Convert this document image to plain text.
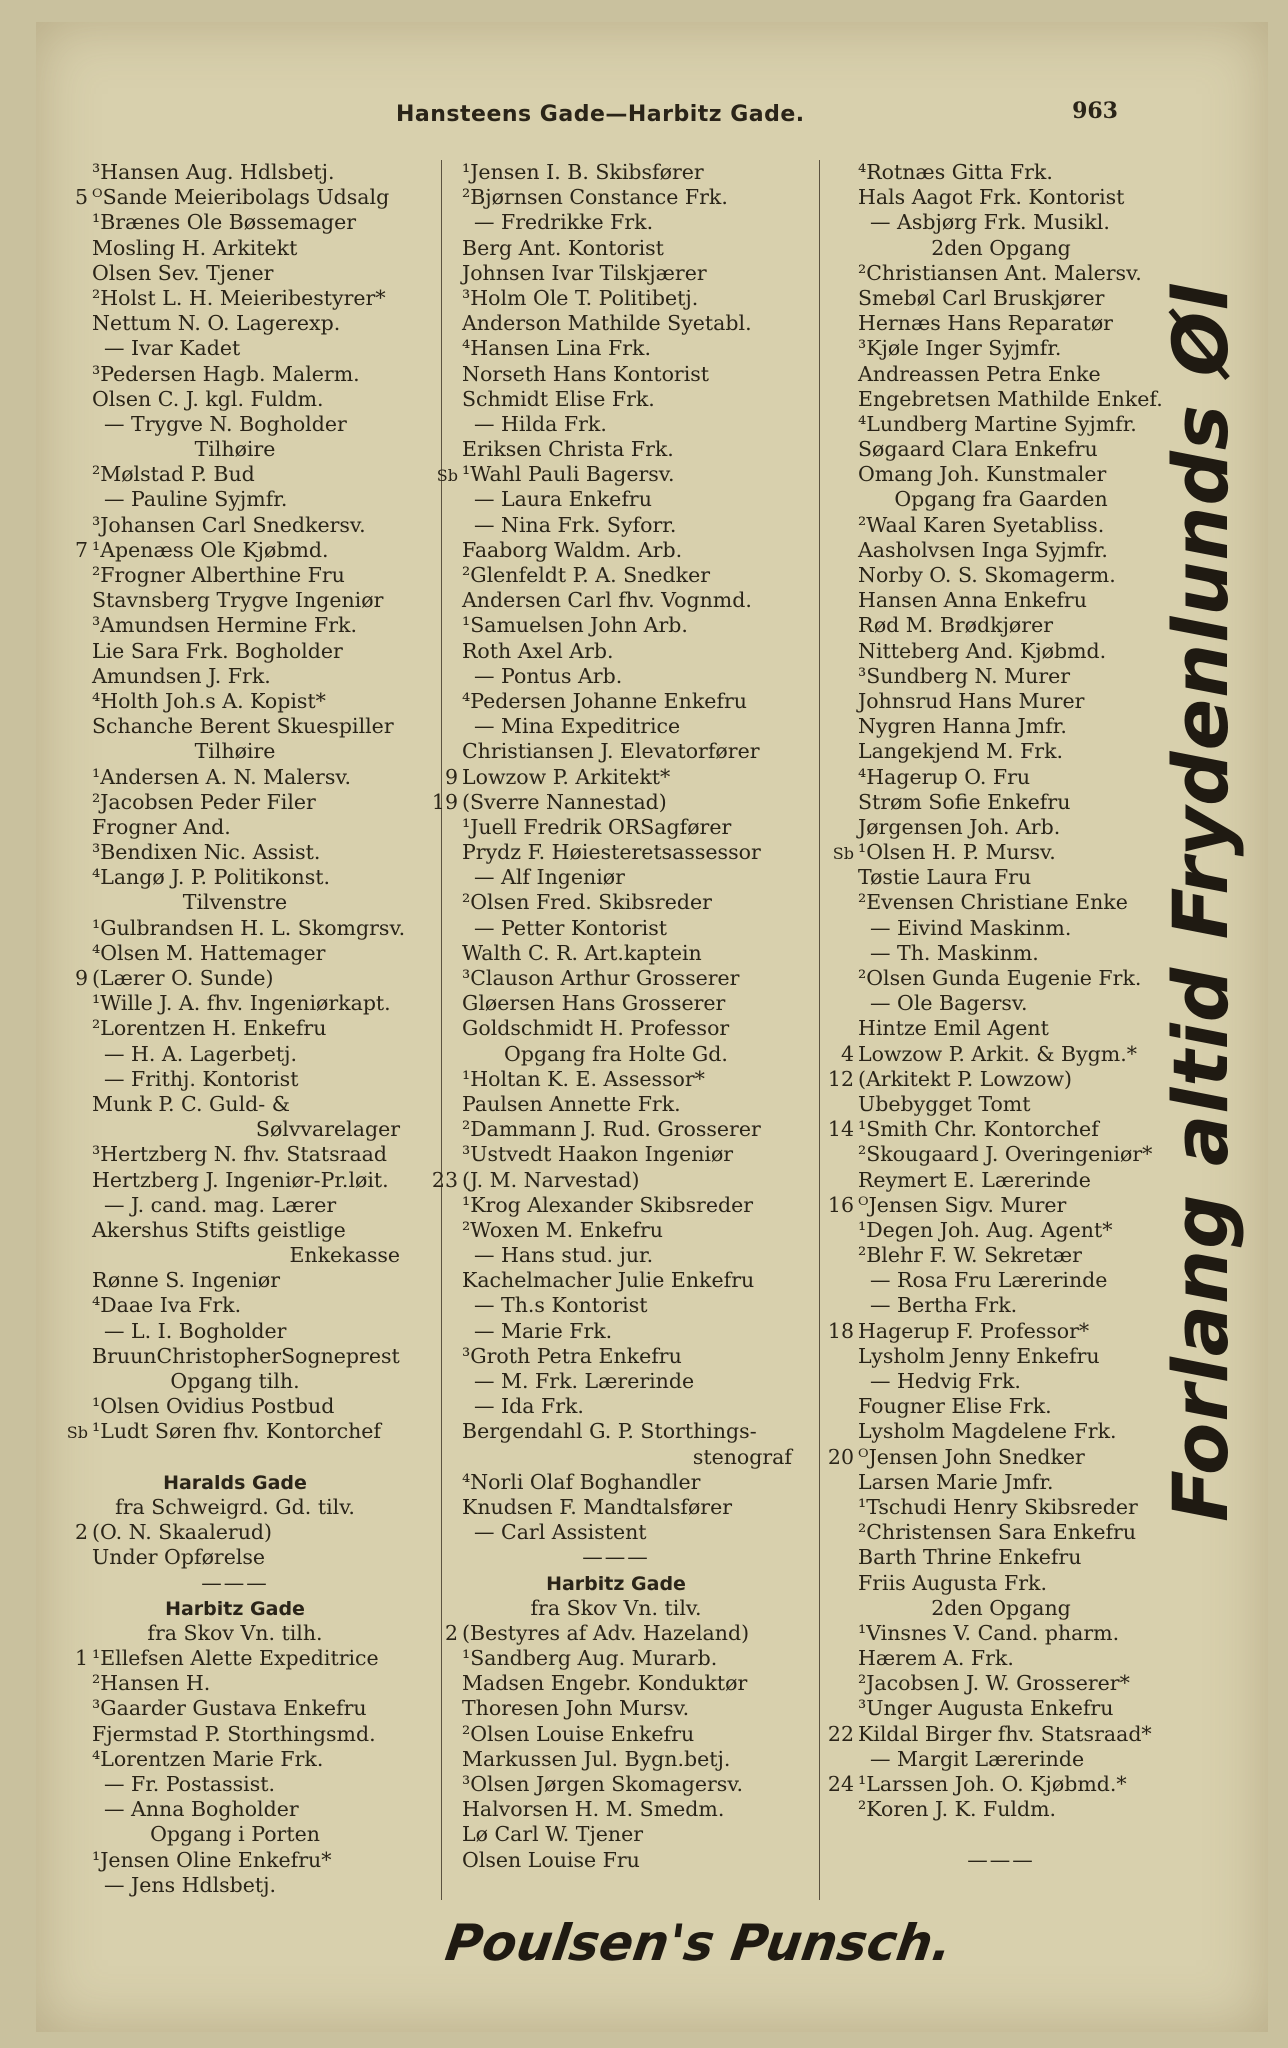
Hansteens Gade—Harbitz Gade.	963
³Hansen Aug. Hdlsbetj.
5 ᴼSande Meieribolags Udsalg
¹Brænes Ole Bøssemager
Mosling H. Arkitekt
Olsen Sev. Tjener
²Holst L. H. Meieribestyrer*
Nettum N. O. Lagerexp.
— Ivar Kadet
³Pedersen Hagb. Malerm.
Olsen C. J. kgl. Fuldm.
— Trygve N. Bogholder
Tilhøire
²Mølstad P. Bud
— Pauline Syjmfr.
³Johansen Carl Snedkersv.
7 ¹Apenæss Ole Kjøbmd.
²Frogner Alberthine Fru
Stavnsberg Trygve Ingeniør
³Amundsen Hermine Frk.
Lie Sara Frk. Bogholder
Amundsen J. Frk.
⁴Holth Joh.s A. Kopist*
Schanche Berent Skuespiller
Tilhøire
¹Andersen A. N. Malersv.
²Jacobsen Peder Filer
Frogner And.
³Bendixen Nic. Assist.
⁴Langø J. P. Politikonst.
Tilvenstre
¹Gulbrandsen H. L. Skomgrsv.
⁴Olsen M. Hattemager
9 (Lærer O. Sunde)
¹Wille J. A. fhv. Ingeniørkapt.
²Lorentzen H. Enkefru
— H. A. Lagerbetj.
— Frithj. Kontorist
Munk P. C. Guld- &
Sølvvarelager
³Hertzberg N. fhv. Statsraad
Hertzberg J. Ingeniør-Pr.løit.
— J. cand. mag. Lærer
Akershus Stifts geistlige
Enkekasse
Rønne S. Ingeniør
⁴Daae Iva Frk.
— L. I. Bogholder
BruunChristopherSogneprest
Opgang tilh.
¹Olsen Ovidius Postbud
Sb ¹Ludt Søren fhv. Kontorchef
Haralds Gade
fra Schweigrd. Gd. tilv.
2 (O. N. Skaalerud)
Under Opførelse
———
Harbitz Gade
fra Skov Vn. tilh.
1 ¹Ellefsen Alette Expeditrice
²Hansen H.
³Gaarder Gustava Enkefru
Fjermstad P. Storthingsmd.
⁴Lorentzen Marie Frk.
— Fr. Postassist.
— Anna Bogholder
Opgang i Porten
¹Jensen Oline Enkefru*
— Jens Hdlsbetj.
¹Jensen I. B. Skibsfører
²Bjørnsen Constance Frk.
— Fredrikke Frk.
Berg Ant. Kontorist
Johnsen Ivar Tilskjærer
³Holm Ole T. Politibetj.
Anderson Mathilde Syetabl.
⁴Hansen Lina Frk.
Norseth Hans Kontorist
Schmidt Elise Frk.
— Hilda Frk.
Eriksen Christa Frk.
Sb ¹Wahl Pauli Bagersv.
— Laura Enkefru
— Nina Frk. Syforr.
Faaborg Waldm. Arb.
²Glenfeldt P. A. Snedker
Andersen Carl fhv. Vognmd.
¹Samuelsen John Arb.
Roth Axel Arb.
— Pontus Arb.
⁴Pedersen Johanne Enkefru
— Mina Expeditrice
Christiansen J. Elevatorfører
9 Lowzow P. Arkitekt*
19 (Sverre Nannestad)
¹Juell Fredrik ORSagfører
Prydz F. Høiesteretsassessor
— Alf Ingeniør
²Olsen Fred. Skibsreder
— Petter Kontorist
Walth C. R. Art.kaptein
³Clauson Arthur Grosserer
Gløersen Hans Grosserer
Goldschmidt H. Professor
Opgang fra Holte Gd.
¹Holtan K. E. Assessor*
Paulsen Annette Frk.
²Dammann J. Rud. Grosserer
³Ustvedt Haakon Ingeniør
23 (J. M. Narvestad)
¹Krog Alexander Skibsreder
²Woxen M. Enkefru
— Hans stud. jur.
Kachelmacher Julie Enkefru
— Th.s Kontorist
— Marie Frk.
³Groth Petra Enkefru
— M. Frk. Lærerinde
— Ida Frk.
Bergendahl G. P. Storthings-
stenograf
⁴Norli Olaf Boghandler
Knudsen F. Mandtalsfører
— Carl Assistent
———
Harbitz Gade
fra Skov Vn. tilv.
2 (Bestyres af Adv. Hazeland)
¹Sandberg Aug. Murarb.
Madsen Engebr. Konduktør
Thoresen John Mursv.
²Olsen Louise Enkefru
Markussen Jul. Bygn.betj.
³Olsen Jørgen Skomagersv.
Halvorsen H. M. Smedm.
Lø Carl W. Tjener
Olsen Louise Fru
⁴Rotnæs Gitta Frk.
Hals Aagot Frk. Kontorist
— Asbjørg Frk. Musikl.
2den Opgang
²Christiansen Ant. Malersv.
Smebøl Carl Bruskjører
Hernæs Hans Reparatør
³Kjøle Inger Syjmfr.
Andreassen Petra Enke
Engebretsen Mathilde Enkef.
⁴Lundberg Martine Syjmfr.
Søgaard Clara Enkefru
Omang Joh. Kunstmaler
Opgang fra Gaarden
²Waal Karen Syetabliss.
Aasholvsen Inga Syjmfr.
Norby O. S. Skomagerm.
Hansen Anna Enkefru
Rød M. Brødkjører
Nitteberg And. Kjøbmd.
³Sundberg N. Murer
Johnsrud Hans Murer
Nygren Hanna Jmfr.
Langekjend M. Frk.
⁴Hagerup O. Fru
Strøm Sofie Enkefru
Jørgensen Joh. Arb.
Sb ¹Olsen H. P. Mursv.
Tøstie Laura Fru
²Evensen Christiane Enke
— Eivind Maskinm.
— Th. Maskinm.
²Olsen Gunda Eugenie Frk.
— Ole Bagersv.
Hintze Emil Agent
4 Lowzow P. Arkit. & Bygm.*
12 (Arkitekt P. Lowzow)
Ubebygget Tomt
14 ¹Smith Chr. Kontorchef
²Skougaard J. Overingeniør*
Reymert E. Lærerinde
16 ᴼJensen Sigv. Murer
¹Degen Joh. Aug. Agent*
²Blehr F. W. Sekretær
— Rosa Fru Lærerinde
— Bertha Frk.
18 Hagerup F. Professor*
Lysholm Jenny Enkefru
— Hedvig Frk.
Fougner Elise Frk.
Lysholm Magdelene Frk.
20 ᴼJensen John Snedker
Larsen Marie Jmfr.
¹Tschudi Henry Skibsreder
²Christensen Sara Enkefru
Barth Thrine Enkefru
Friis Augusta Frk.
2den Opgang
¹Vinsnes V. Cand. pharm.
Hærem A. Frk.
²Jacobsen J. W. Grosserer*
³Unger Augusta Enkefru
22 Kildal Birger fhv. Statsraad*
— Margit Lærerinde
24 ¹Larssen Joh. O. Kjøbmd.*
²Koren J. K. Fuldm.
———
Forlang altid Frydenlunds Øl
Poulsen's Punsch.
